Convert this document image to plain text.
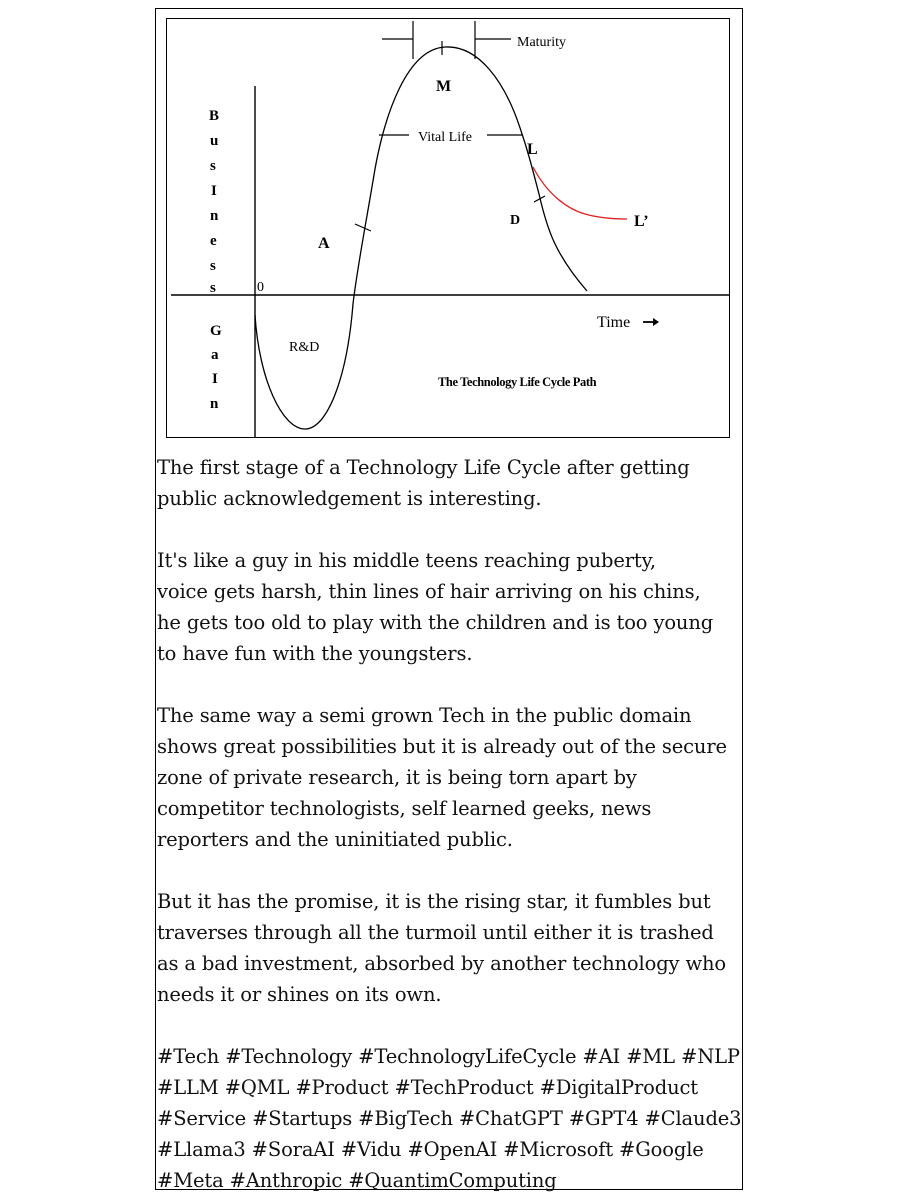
Maturity
M
Vital Life
L
D	L’
A
R&D
0
B
u
s
I
n
e
s
s
G
a
I
n
Time
The Technology Life Cycle Path

The first stage of a Technology Life Cycle after getting
public acknowledgement is interesting.

It's like a guy in his middle teens reaching puberty,
voice gets harsh, thin lines of hair arriving on his chins,
he gets too old to play with the children and is too young
to have fun with the youngsters.

The same way a semi grown Tech in the public domain
shows great possibilities but it is already out of the secure
zone of private research, it is being torn apart by
competitor technologists, self learned geeks, news
reporters and the uninitiated public.

But it has the promise, it is the rising star, it fumbles but
traverses through all the turmoil until either it is trashed
as a bad investment, absorbed by another technology who
needs it or shines on its own.

#Tech #Technology #TechnologyLifeCycle #AI #ML #NLP
#LLM #QML #Product #TechProduct #DigitalProduct
#Service #Startups #BigTech #ChatGPT #GPT4 #Claude3
#Llama3 #SoraAI #Vidu #OpenAI #Microsoft #Google
#Meta #Anthropic #QuantimComputing
